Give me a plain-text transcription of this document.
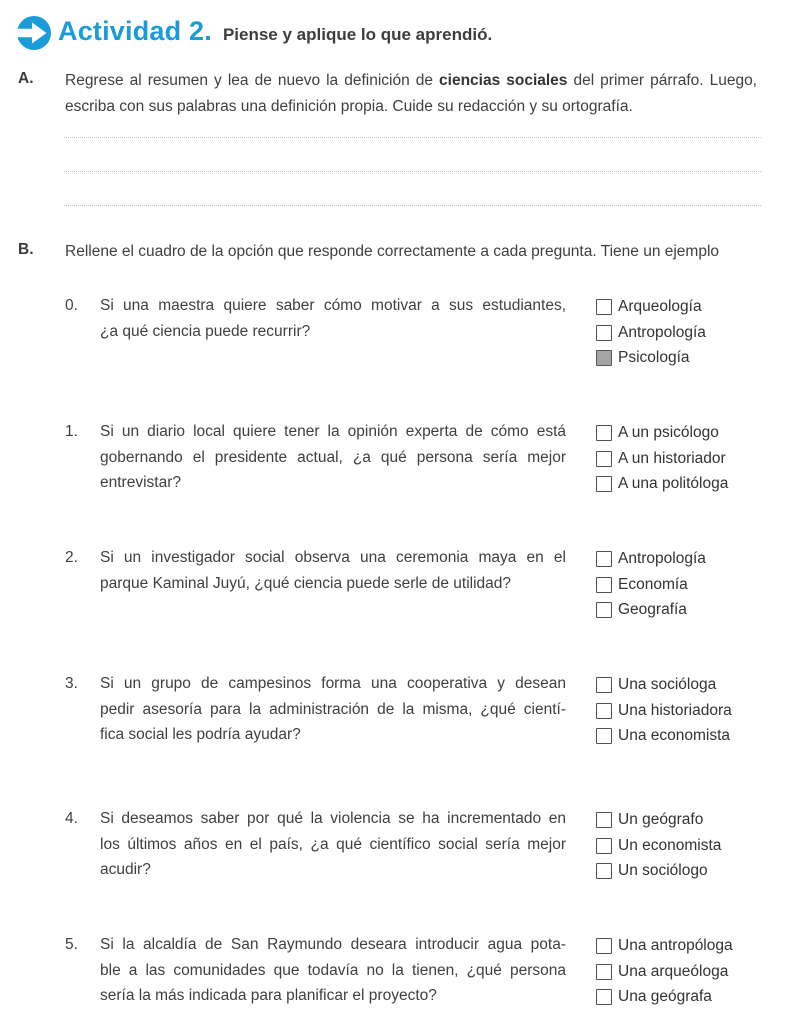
Actividad 2. Piense y aplique lo que aprendió.
A. Regrese al resumen y lea de nuevo la definición de ciencias sociales del primer párrafo. Luego,
escriba con sus palabras una definición propia. Cuide su redacción y su ortografía.
B. Rellene el cuadro de la opción que responde correctamente a cada pregunta. Tiene un ejemplo
0. Si una maestra quiere saber cómo motivar a sus estudiantes,
¿a qué ciencia puede recurrir?
Arqueología
Antropología
Psicología
1. Si un diario local quiere tener la opinión experta de cómo está
gobernando el presidente actual, ¿a qué persona sería mejor
entrevistar?
A un psicólogo
A un historiador
A una politóloga
2. Si un investigador social observa una ceremonia maya en el
parque Kaminal Juyú, ¿qué ciencia puede serle de utilidad?
Antropología
Economía
Geografía
3. Si un grupo de campesinos forma una cooperativa y desean
pedir asesoría para la administración de la misma, ¿qué cientí-
fica social les podría ayudar?
Una socióloga
Una historiadora
Una economista
4. Si deseamos saber por qué la violencia se ha incrementado en
los últimos años en el país, ¿a qué científico social sería mejor
acudir?
Un geógrafo
Un economista
Un sociólogo
5. Si la alcaldía de San Raymundo deseara introducir agua pota-
ble a las comunidades que todavía no la tienen, ¿qué persona
sería la más indicada para planificar el proyecto?
Una antropóloga
Una arqueóloga
Una geógrafa
